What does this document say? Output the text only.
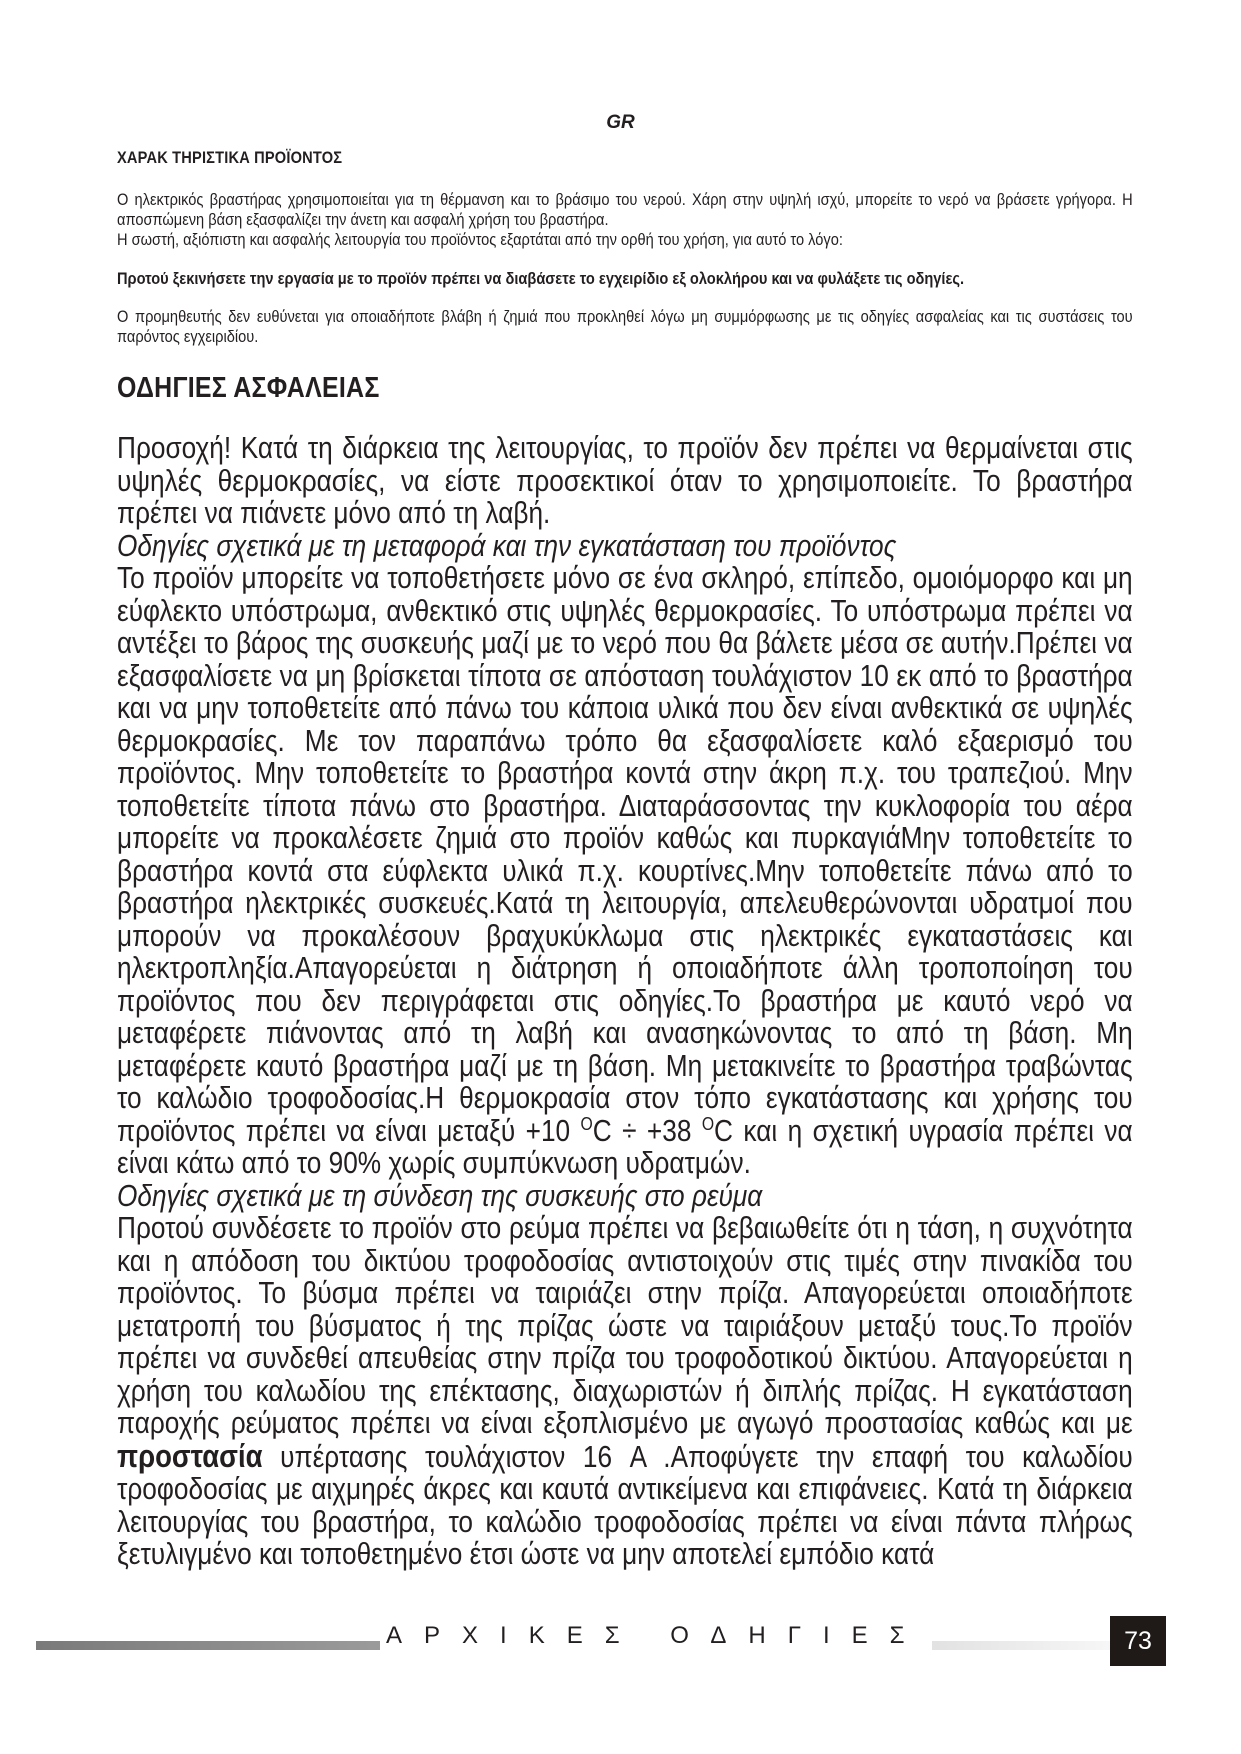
GR
ΧΑΡΑΚ ΤΗΡΙΣΤΙΚΑ ΠΡΟΪΟΝΤΟΣ

Ο ηλεκτρικός βραστήρας χρησιμοποιείται για τη θέρμανση και το βράσιμο του νερού. Χάρη στην υψηλή ισχύ, μπορείτε το νερό να βράσετε γρήγορα. Η αποσπώμενη βάση εξασφαλίζει την άνετη και ασφαλή χρήση του βραστήρα.

Η σωστή, αξιόπιστη και ασφαλής λειτουργία του προϊόντος εξαρτάται από την ορθή του χρήση, για αυτό το λόγο:

Προτού ξεκινήσετε την εργασία με το προϊόν πρέπει να διαβάσετε το εγχειρίδιο εξ ολοκλήρου και να φυλάξετε τις οδηγίες.

Ο προμηθευτής δεν ευθύνεται για οποιαδήποτε βλάβη ή ζημιά που προκληθεί λόγω μη συμμόρφωσης με τις οδηγίες ασφαλείας και τις συστάσεις του παρόντος εγχειριδίου.

ΟΔΗΓΙΕΣ ΑΣΦΑΛΕΙΑΣ

Προσοχή! Κατά τη διάρκεια της λειτουργίας, το προϊόν δεν πρέπει να θερμαίνεται στις υψηλές θερμοκρασίες, να είστε προσεκτικοί όταν το χρησιμοποιείτε. Το βραστήρα πρέπει να πιάνετε μόνο από τη λαβή.

Οδηγίες σχετικά με τη μεταφορά και την εγκατάσταση του προϊόντος

Το προϊόν μπορείτε να τοποθετήσετε μόνο σε ένα σκληρό, επίπεδο, ομοιόμορφο και μη εύφλεκτο υπόστρωμα, ανθεκτικό στις υψηλές θερμοκρασίες. Το υπόστρωμα πρέπει να αντέξει το βάρος της συσκευής μαζί με το νερό που θα βάλετε μέσα σε αυτήν.Πρέπει να εξασφαλίσετε να μη βρίσκεται τίποτα σε απόσταση τουλάχιστον 10 εκ από το βραστήρα και να μην τοποθετείτε από πάνω του κάποια υλικά που δεν είναι ανθεκτικά σε υψηλές θερμοκρασίες. Με τον παραπάνω τρόπο θα εξασφαλίσετε καλό εξαερισμό του προϊόντος. Μην τοποθετείτε το βραστήρα κοντά στην άκρη π.χ. του τραπεζιού. Μην τοποθετείτε τίποτα πάνω στο βραστήρα. Διαταράσσοντας την κυκλοφορία του αέρα μπορείτε να προκαλέσετε ζημιά στο προϊόν καθώς και πυρκαγιάΜην τοποθετείτε το βραστήρα κοντά στα εύφλεκτα υλικά π.χ. κουρτίνες.Μην τοποθετείτε πάνω από το βραστήρα ηλεκτρικές συσκευές.Κατά τη λειτουργία, απελευθερώνονται υδρατμοί που μπορούν να προκαλέσουν βραχυκύκλωμα στις ηλεκτρικές εγκαταστάσεις και ηλεκτροπληξία.Απαγορεύεται η διάτρηση ή οποιαδήποτε άλλη τροποποίηση του προϊόντος που δεν περιγράφεται στις οδηγίες.Το βραστήρα με καυτό νερό να μεταφέρετε πιάνοντας από τη λαβή και ανασηκώνοντας το από τη βάση. Μη μεταφέρετε καυτό βραστήρα μαζί με τη βάση. Μη μετακινείτε το βραστήρα τραβώντας το καλώδιο τροφοδοσίας.Η θερμοκρασία στον τόπο εγκατάστασης και χρήσης του προϊόντος πρέπει να είναι μεταξύ +10 $^O$C ÷ +38 $^O$C και η σχετική υγρασία πρέπει να είναι κάτω από το 90% χωρίς συμπύκνωση υδρατμών.

Οδηγίες σχετικά με τη σύνδεση της συσκευής στο ρεύμα

Προτού συνδέσετε το προϊόν στο ρεύμα πρέπει να βεβαιωθείτε ότι η τάση, η συχνότητα και η απόδοση του δικτύου τροφοδοσίας αντιστοιχούν στις τιμές στην πινακίδα του προϊόντος. Το βύσμα πρέπει να ταιριάζει στην πρίζα. Απαγορεύεται οποιαδήποτε μετατροπή του βύσματος ή της πρίζας ώστε να ταιριάξουν μεταξύ τους.Το προϊόν πρέπει να συνδεθεί απευθείας στην πρίζα του τροφοδοτικού δικτύου. Απαγορεύεται η χρήση του καλωδίου της επέκτασης, διαχωριστών ή διπλής πρίζας. Η εγκατάσταση παροχής ρεύματος πρέπει να είναι εξοπλισμένο με αγωγό προστασίας καθώς και με προστασία υπέρτασης τουλάχιστον 16 A .Αποφύγετε την επαφή του καλωδίου τροφοδοσίας με αιχμηρές άκρες και καυτά αντικείμενα και επιφάνειες. Κατά τη διάρκεια λειτουργίας του βραστήρα, το καλώδιο τροφοδοσίας πρέπει να είναι πάντα πλήρως ξετυλιγμένο και τοποθετημένο έτσι ώστε να μην αποτελεί εμπόδιο κατά

ΑΡΧΙΚΕΣ ΟΔΗΓΙΕΣ	73
